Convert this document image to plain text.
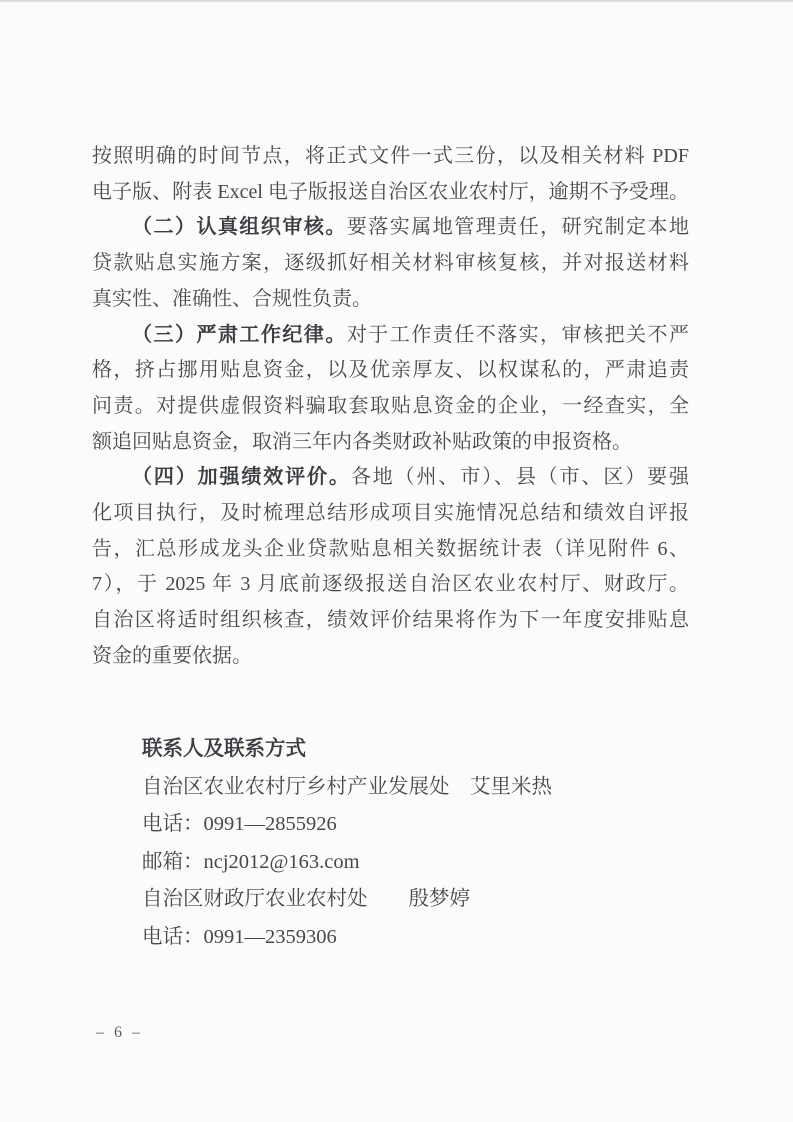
按照明确的时间节点，将正式文件一式三份，以及相关材料 PDF
电子版、附表 Excel 电子版报送自治区农业农村厅，逾期不予受理。
（二）认真组织审核。要落实属地管理责任，研究制定本地
贷款贴息实施方案，逐级抓好相关材料审核复核，并对报送材料
真实性、准确性、合规性负责。
（三）严肃工作纪律。对于工作责任不落实，审核把关不严
格，挤占挪用贴息资金，以及优亲厚友、以权谋私的，严肃追责
问责。对提供虚假资料骗取套取贴息资金的企业，一经查实，全
额追回贴息资金，取消三年内各类财政补贴政策的申报资格。
（四）加强绩效评价。各地（州、市）、县（市、区）要强
化项目执行，及时梳理总结形成项目实施情况总结和绩效自评报
告，汇总形成龙头企业贷款贴息相关数据统计表（详见附件 6、
7），于 2025 年 3 月底前逐级报送自治区农业农村厅、财政厅。
自治区将适时组织核查，绩效评价结果将作为下一年度安排贴息
资金的重要依据。
联系人及联系方式
自治区农业农村厅乡村产业发展处　艾里米热
电话：0991—2855926
邮箱：ncj2012@163.com
自治区财政厅农业农村处　　殷梦婷
电话：0991—2359306
– 6 –
